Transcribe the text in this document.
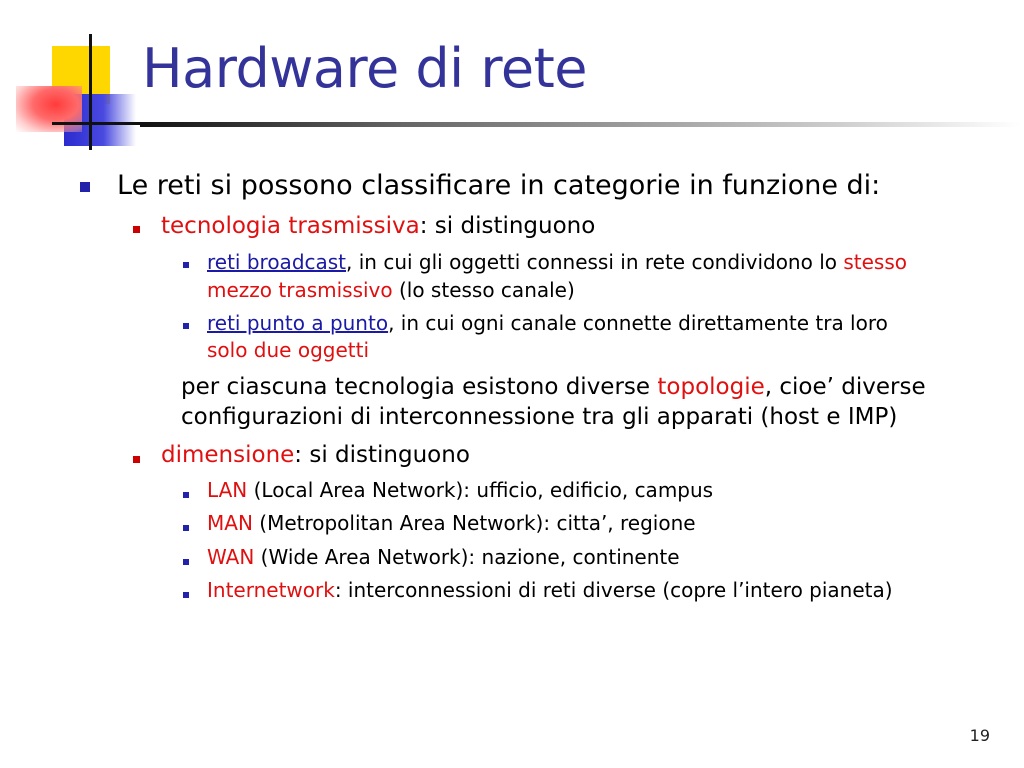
Hardware di rete
Le reti si possono classificare in categorie in funzione di:
tecnologia trasmissiva: si distinguono
reti broadcast, in cui gli oggetti connessi in rete condividono lo stesso
mezzo trasmissivo (lo stesso canale)
reti punto a punto, in cui ogni canale connette direttamente tra loro
solo due oggetti
per ciascuna tecnologia esistono diverse topologie, cioe’ diverse
configurazioni di interconnessione tra gli apparati (host e IMP)
dimensione: si distinguono
LAN (Local Area Network): ufficio, edificio, campus
MAN (Metropolitan Area Network): citta’, regione
WAN (Wide Area Network): nazione, continente
Internetwork: interconnessioni di reti diverse (copre l’intero pianeta)
19
